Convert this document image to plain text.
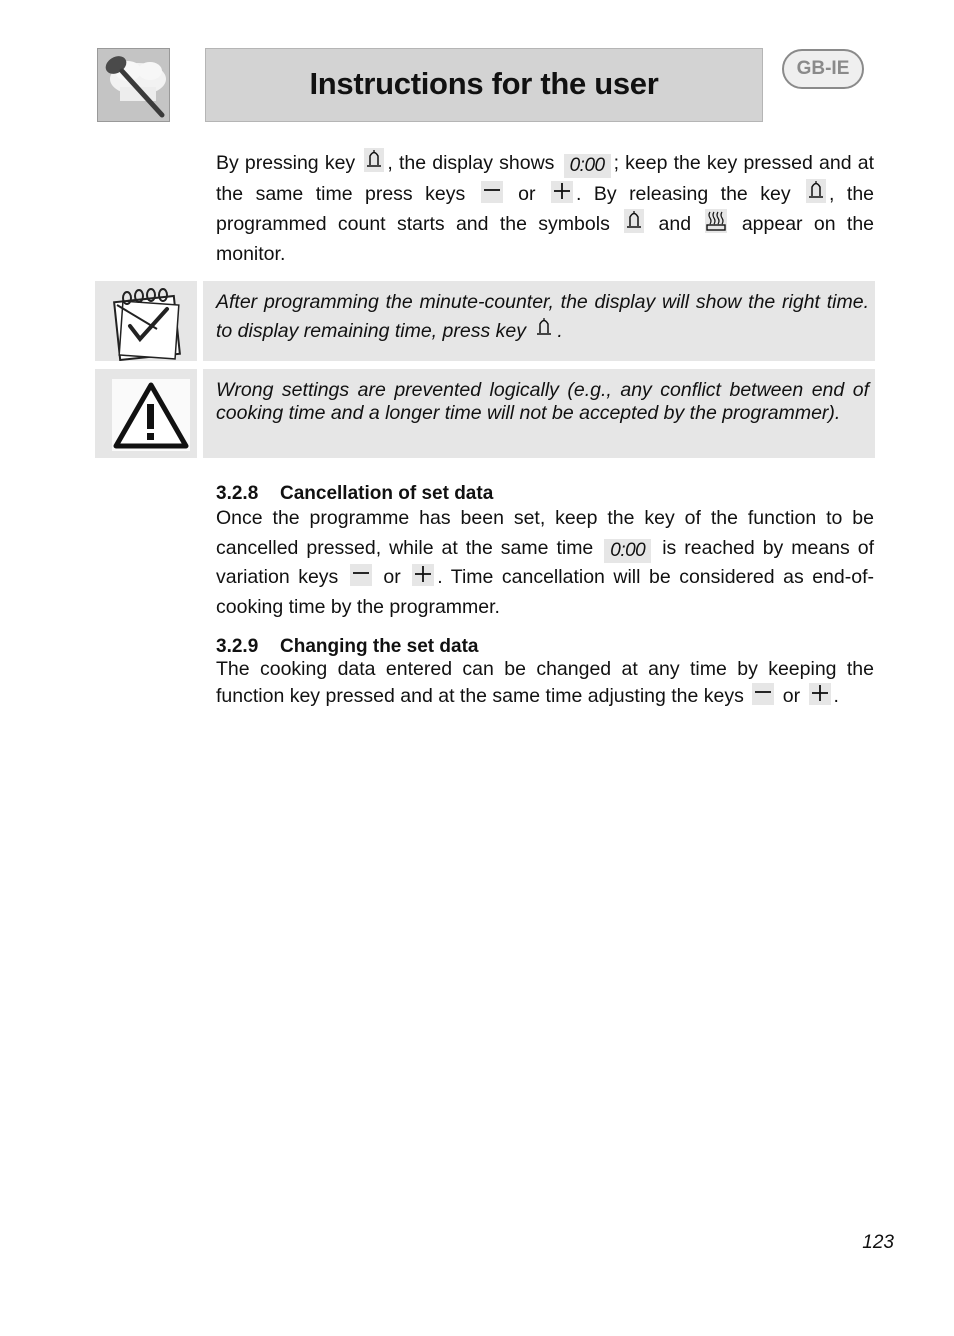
Instructions for the user	GB-IE
By pressing key , the display shows 0:00 ; keep the key pressed and at the same time press keys	or . By releasing the key , the programmed count starts and the symbols and	appear on the monitor.
After programming the minute-counter, the display will show the right time. to display remaining time, press key .
Wrong settings are prevented logically (e.g., any conflict between end of cooking time and a longer time will not be accepted by the programmer).
3.2.8 Cancellation of set data
Once the programme has been set, keep the key of the function to be cancelled pressed, while at the same time 0:00 is reached by means of variation keys or . Time cancellation will be considered as end-of-cooking time by the programmer.
3.2.9 Changing the set data
The cooking data entered can be changed at any time by keeping the function key pressed and at the same time adjusting the keys or .
123
